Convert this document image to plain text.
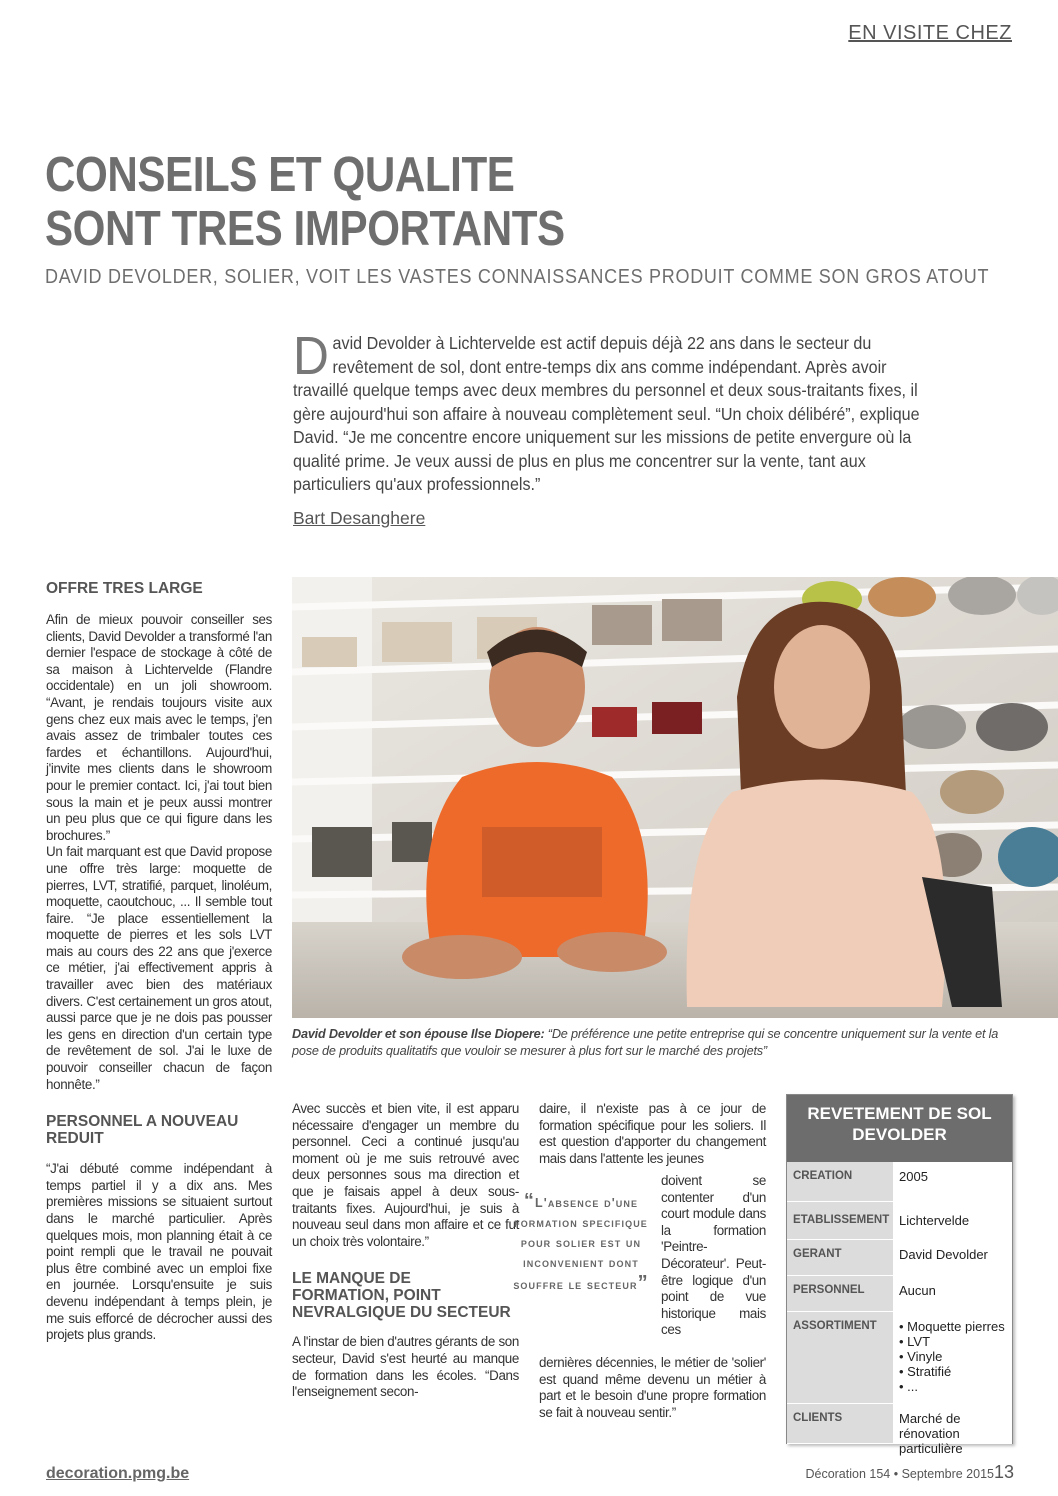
EN VISITE CHEZ
CONSEILS ET QUALITE
SONT TRES IMPORTANTS
DAVID DEVOLDER, SOLIER, VOIT LES VASTES CONNAISSANCES PRODUIT COMME SON GROS ATOUT
David Devolder à Lichtervelde est actif depuis déjà 22 ans dans le secteur du revêtement de sol, dont entre-temps dix ans comme indépendant. Après avoir travaillé quelque temps avec deux membres du personnel et deux sous-traitants fixes, il gère aujourd'hui son affaire à nouveau complètement seul. “Un choix délibéré”, explique David. “Je me concentre encore uniquement sur les missions de petite envergure où la qualité prime. Je veux aussi de plus en plus me concentrer sur la vente, tant aux particuliers qu'aux professionnels.”
Bart Desanghere
OFFRE TRES LARGE

Afin de mieux pouvoir conseiller ses clients, David Devolder a transformé l'an dernier l'espace de stockage à côté de sa maison à Lichtervelde (Flandre occidentale) en un joli showroom. “Avant, je rendais toujours visite aux gens chez eux mais avec le temps, j'en avais assez de trimbaler toutes ces fardes et échantillons. Aujourd'hui, j'invite mes clients dans le showroom pour le premier contact. Ici, j'ai tout bien sous la main et je peux aussi montrer un peu plus que ce qui figure dans les brochures.”

Un fait marquant est que David propose une offre très large: moquette de pierres, LVT, stratifié, parquet, linoléum, moquette, caoutchouc, ... Il semble tout faire. “Je place essentiellement la moquette de pierres et les sols LVT mais au cours des 22 ans que j'exerce ce métier, j'ai effectivement appris à travailler avec bien des matériaux divers. C'est certainement un gros atout, aussi parce que je ne dois pas pousser les gens en direction d'un certain type de revêtement de sol. J'ai le luxe de pouvoir conseiller chacun de façon honnête.”

PERSONNEL A NOUVEAU
REDUIT
“J'ai débuté comme indépendant à temps partiel il y a dix ans. Mes premières missions se situaient surtout dans le marché particulier. Après quelques mois, mon planning était à ce point rempli que le travail ne pouvait plus être combiné avec un emploi fixe en journée. Lorsqu'ensuite je suis devenu indépendant à temps plein, je me suis efforcé de décrocher aussi des projets plus grands.
David Devolder et son épouse Ilse Diopere: “De préférence une petite entreprise qui se concentre uniquement sur la vente et la pose de produits qualitatifs que vouloir se mesurer à plus fort sur le marché des projets”
Avec succès et bien vite, il est apparu nécessaire d'engager un membre du personnel. Ceci a continué jusqu'au moment où je me suis retrouvé avec deux personnes sous ma direction et que je faisais appel à deux sous-traitants fixes. Aujourd'hui, je suis à nouveau seul dans mon affaire et ce fut un choix très volontaire.”
LE MANQUE DE
FORMATION, POINT
NEVRALGIQUE DU SECTEUR
A l'instar de bien d'autres gérants de son secteur, David s'est heurté au manque de formation dans les écoles. “Dans l'enseignement secon-
daire, il n'existe pas à ce jour de formation spécifique pour les soliers. Il est question d'apporter du changement mais dans l'attente les jeunes
doivent se contenter d'un court module dans la formation 'Peintre-Décorateur'. Peut-être logique d'un point de vue historique mais ces
dernières décennies, le métier de 'solier' est quand même devenu un métier à part et le besoin d'une propre formation se fait à nouveau sentir.”
“L'absence d'une formation specifique pour solier est un inconvenient dont souffre le secteur”
REVETEMENT DE SOL DEVOLDER
CREATION	2005
ETABLISSEMENT Lichtervelde
GERANT	David Devolder
PERSONNEL	Aucun
ASSORTIMENT	• Moquette pierres
• LVT
• Vinyle
• Stratifié
• ...
CLIENTS	Marché de rénovation particulière
decoration.pmg.be	Décoration 154 • Septembre 2015 13
